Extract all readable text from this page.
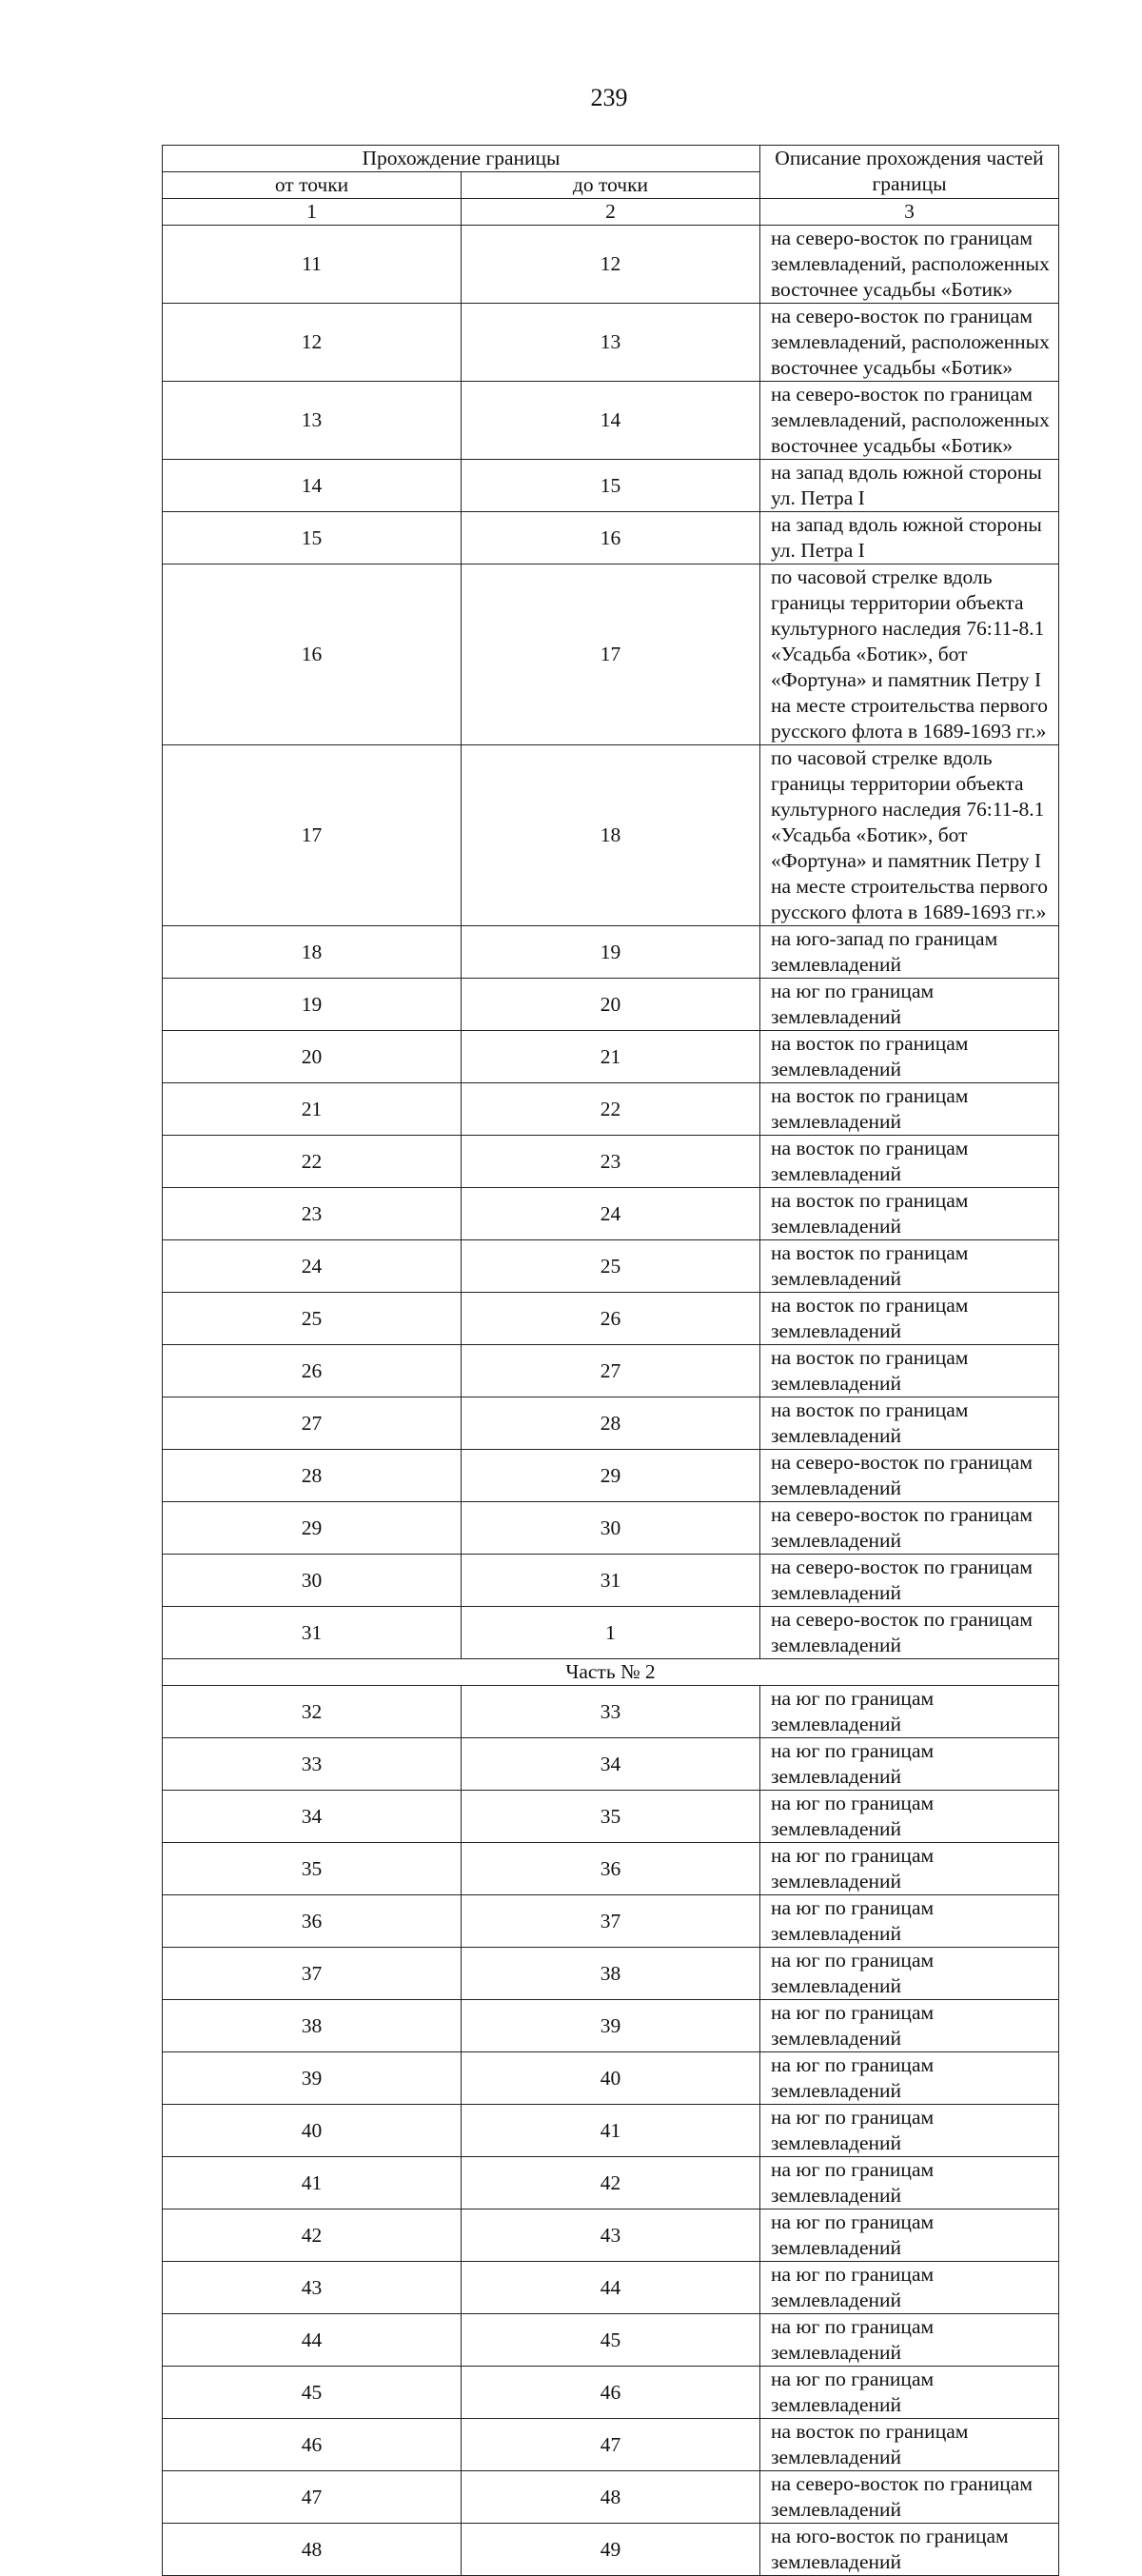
239
Прохождение границы		Описание прохождения частей границы
от точки	до точки	
1	2	3
11	12	на северо-восток по границам землевладений, расположенных восточнее усадьбы «Ботик»
12	13	на северо-восток по границам землевладений, расположенных восточнее усадьбы «Ботик»
13	14	на северо-восток по границам землевладений, расположенных восточнее усадьбы «Ботик»
14	15	на запад вдоль южной стороны ул. Петра I
15	16	на запад вдоль южной стороны ул. Петра I
16	17	по часовой стрелке вдоль границы территории объекта культурного наследия 76:11-8.1 «Усадьба «Ботик», бот «Фортуна» и памятник Петру I на месте строительства первого русского флота в 1689-1693 гг.»
17	18	по часовой стрелке вдоль границы территории объекта культурного наследия 76:11-8.1 «Усадьба «Ботик», бот «Фортуна» и памятник Петру I на месте строительства первого русского флота в 1689-1693 гг.»
18	19	на юго-запад по границам землевладений
19	20	на юг по границам землевладений
20	21	на восток по границам землевладений
21	22	на восток по границам землевладений
22	23	на восток по границам землевладений
23	24	на восток по границам землевладений
24	25	на восток по границам землевладений
25	26	на восток по границам землевладений
26	27	на восток по границам землевладений
27	28	на восток по границам землевладений
28	29	на северо-восток по границам землевладений
29	30	на северо-восток по границам землевладений
30	31	на северо-восток по границам землевладений
31	1	на северо-восток по границам землевладений
Часть № 2		
32	33	на юг по границам землевладений
33	34	на юг по границам землевладений
34	35	на юг по границам землевладений
35	36	на юг по границам землевладений
36	37	на юг по границам землевладений
37	38	на юг по границам землевладений
38	39	на юг по границам землевладений
39	40	на юг по границам землевладений
40	41	на юг по границам землевладений
41	42	на юг по границам землевладений
42	43	на юг по границам землевладений
43	44	на юг по границам землевладений
44	45	на юг по границам землевладений
45	46	на юг по границам землевладений
46	47	на восток по границам землевладений
47	48	на северо-восток по границам землевладений
48	49	на юго-восток по границам землевладений
